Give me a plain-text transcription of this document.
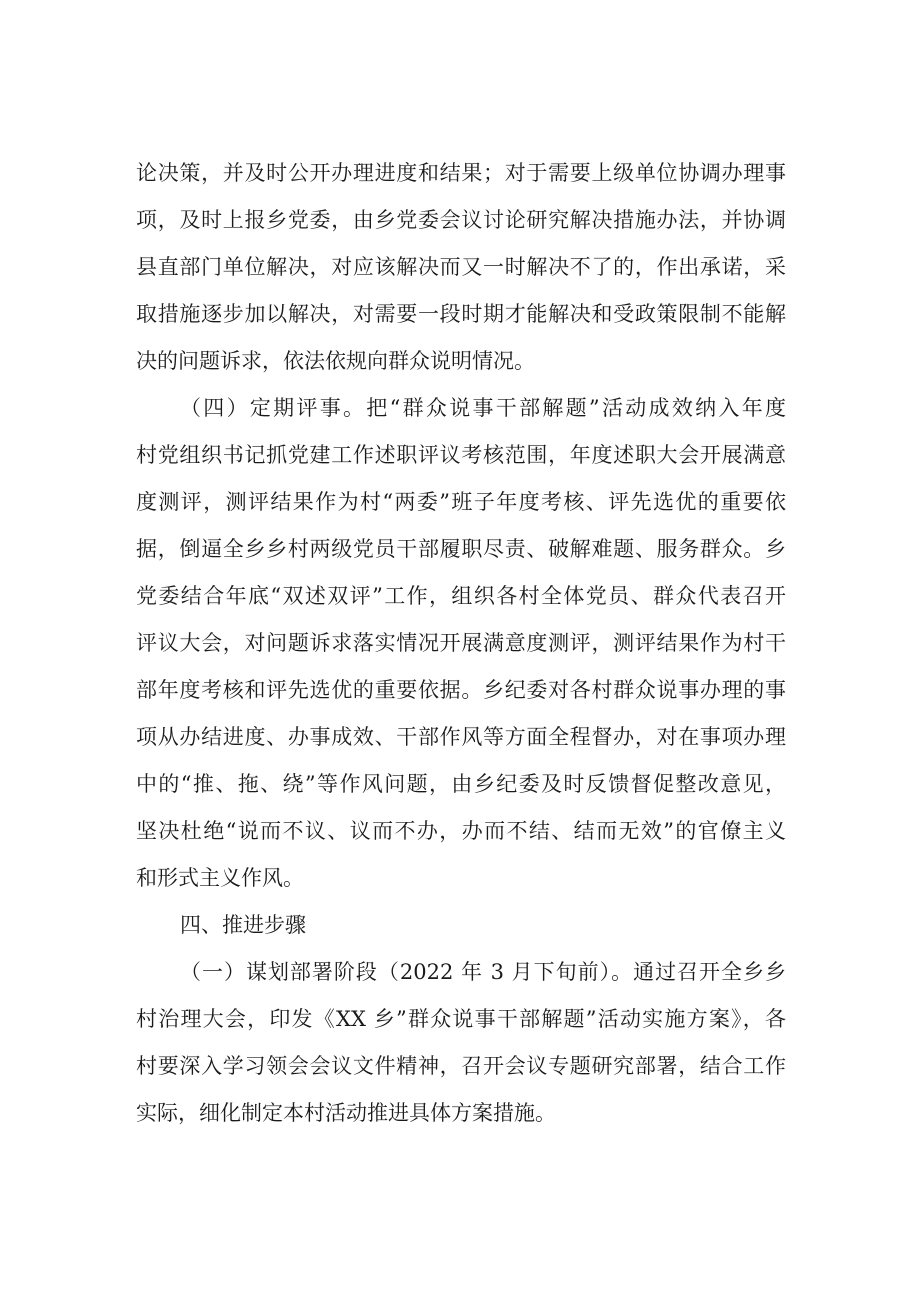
论决策，并及时公开办理进度和结果；对于需要上级单位协调办理事
项，及时上报乡党委，由乡党委会议讨论研究解决措施办法，并协调
县直部门单位解决，对应该解决而又一时解决不了的，作出承诺，采
取措施逐步加以解决，对需要一段时期才能解决和受政策限制不能解
决的问题诉求，依法依规向群众说明情况。
（四）定期评事。把“群众说事干部解题”活动成效纳入年度
村党组织书记抓党建工作述职评议考核范围，年度述职大会开展满意
度测评，测评结果作为村“两委”班子年度考核、评先选优的重要依
据，倒逼全乡乡村两级党员干部履职尽责、破解难题、服务群众。乡
党委结合年底“双述双评”工作，组织各村全体党员、群众代表召开
评议大会，对问题诉求落实情况开展满意度测评，测评结果作为村干
部年度考核和评先选优的重要依据。乡纪委对各村群众说事办理的事
项从办结进度、办事成效、干部作风等方面全程督办，对在事项办理
中的“推、拖、绕”等作风问题，由乡纪委及时反馈督促整改意见，
坚决杜绝“说而不议、议而不办，办而不结、结而无效”的官僚主义
和形式主义作风。
四、推进步骤
（一）谋划部署阶段（2022 年 3 月下旬前）。通过召开全乡乡
村治理大会，印发《XX 乡”群众说事干部解题”活动实施方案》，各
村要深入学习领会会议文件精神，召开会议专题研究部署，结合工作
实际，细化制定本村活动推进具体方案措施。
